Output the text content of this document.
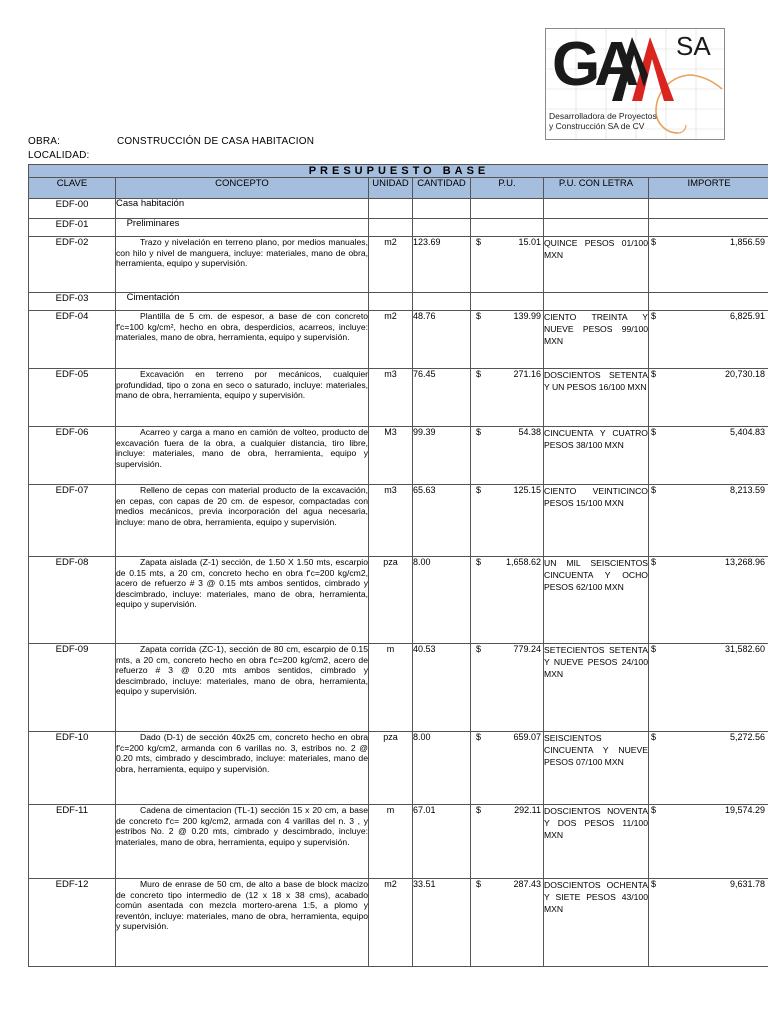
GA SA
Desarrolladora de Proyectos
y Construcción SA de CV
OBRA:	CONSTRUCCIÓN DE CASA HABITACION
LOCALIDAD:
PRESUPUESTO BASE						
CLAVE	CONCEPTO	UNIDAD	CANTIDAD	P.U.	P.U. CON LETRA	IMPORTE
EDF-00	Casa habitación			

EDF-01	Preliminares			

EDF-02	Trazo y nivelación en terreno plano, por medios manuales, con hilo y nivel de manguera, incluye: materiales, mano de obra, herramienta, equipo y supervisión.	m2	123.69	$ 15.01	QUINCE PESOS 01/100 MXN	$ 1,856.59

EDF-03	Cimentación			

EDF-04	Plantilla de 5 cm. de espesor, a base de con concreto f'c=100 kg/cm², hecho en obra, desperdicios, acarreos, incluye: materiales, mano de obra, herramienta, equipo y supervisión.	m2	48.76	$ 139.99	CIENTO TREINTA Y NUEVE PESOS 99/100 MXN	$ 6,825.91

EDF-05	Excavación en terreno por mecánicos, cualquier profundidad, tipo o zona en seco o saturado, incluye: materiales, mano de obra, herramienta, equipo y supervisión.	m3	76.45	$ 271.16	DOSCIENTOS SETENTA Y UN PESOS 16/100 MXN	$ 20,730.18

EDF-06	Acarreo y carga a mano en camión de volteo, producto de excavación fuera de la obra, a cualquier distancia, tiro libre, incluye: materiales, mano de obra, herramienta, equipo y supervisión.	M3	99.39	$ 54.38	CINCUENTA Y CUATRO PESOS 38/100 MXN	$ 5,404.83

EDF-07	Relleno de cepas con material producto de la excavación, en cepas, con capas de 20 cm. de espesor, compactadas con medios mecánicos, previa incorporación del agua necesaria, incluye: mano de obra, herramienta, equipo y supervisión.	m3	65.63	$ 125.15	CIENTO VEINTICINCO PESOS 15/100 MXN	$ 8,213.59

EDF-08	Zapata aislada (Z-1) sección, de 1.50 X 1.50 mts, escarpio de 0.15 mts, a 20 cm, concreto hecho en obra f'c=200 kg/cm2, acero de refuerzo # 3 @ 0.15 mts ambos sentidos, cimbrado y descimbrado, incluye: materiales, mano de obra, herramienta, equipo y supervisión.	pza	8.00	$ 1,658.62	UN MIL SEISCIENTOS CINCUENTA Y OCHO PESOS 62/100 MXN	$ 13,268.96

EDF-09	Zapata corrida (ZC-1), sección de 80 cm, escarpio de 0.15 mts, a 20 cm, concreto hecho en obra f'c=200 kg/cm2, acero de refuerzo # 3 @ 0.20 mts ambos sentidos, cimbrado y descimbrado, incluye: materiales, mano de obra, herramienta, equipo y supervisión.	m	40.53	$ 779.24	SETECIENTOS SETENTA Y NUEVE PESOS 24/100 MXN	$ 31,582.60

EDF-10	Dado (D-1) de sección 40x25 cm, concreto hecho en obra f'c=200 kg/cm2, armanda con 6 varillas no. 3, estribos no. 2 @ 0.20 mts, cimbrado y descimbrado, incluye: materiales, mano de obra, herramienta, equipo y supervisión.	pza	8.00	$ 659.07	SEISCIENTOS CINCUENTA Y NUEVE PESOS 07/100 MXN	$ 5,272.56

EDF-11	Cadena de cimentacion (TL-1) sección 15 x 20 cm, a base de concreto f'c= 200 kg/cm2, armada con 4 varillas del n. 3 , y estribos No. 2 @ 0.20 mts, cimbrado y descimbrado, incluye: materiales, mano de obra, herramienta, equipo y supervisión.	m	67.01	$ 292.11	DOSCIENTOS NOVENTA Y DOS PESOS 11/100 MXN	$ 19,574.29

EDF-12	Muro de enrase de 50 cm, de alto a base de block macizo de concreto tipo intermedio de (12 x 18 x 38 cms), acabado común asentada con mezcla mortero-arena 1:5, a plomo y reventón, incluye: materiales, mano de obra, herramienta, equipo y supervisión.	m2	33.51	$ 287.43	DOSCIENTOS OCHENTA Y SIETE PESOS 43/100 MXN	$ 9,631.78
